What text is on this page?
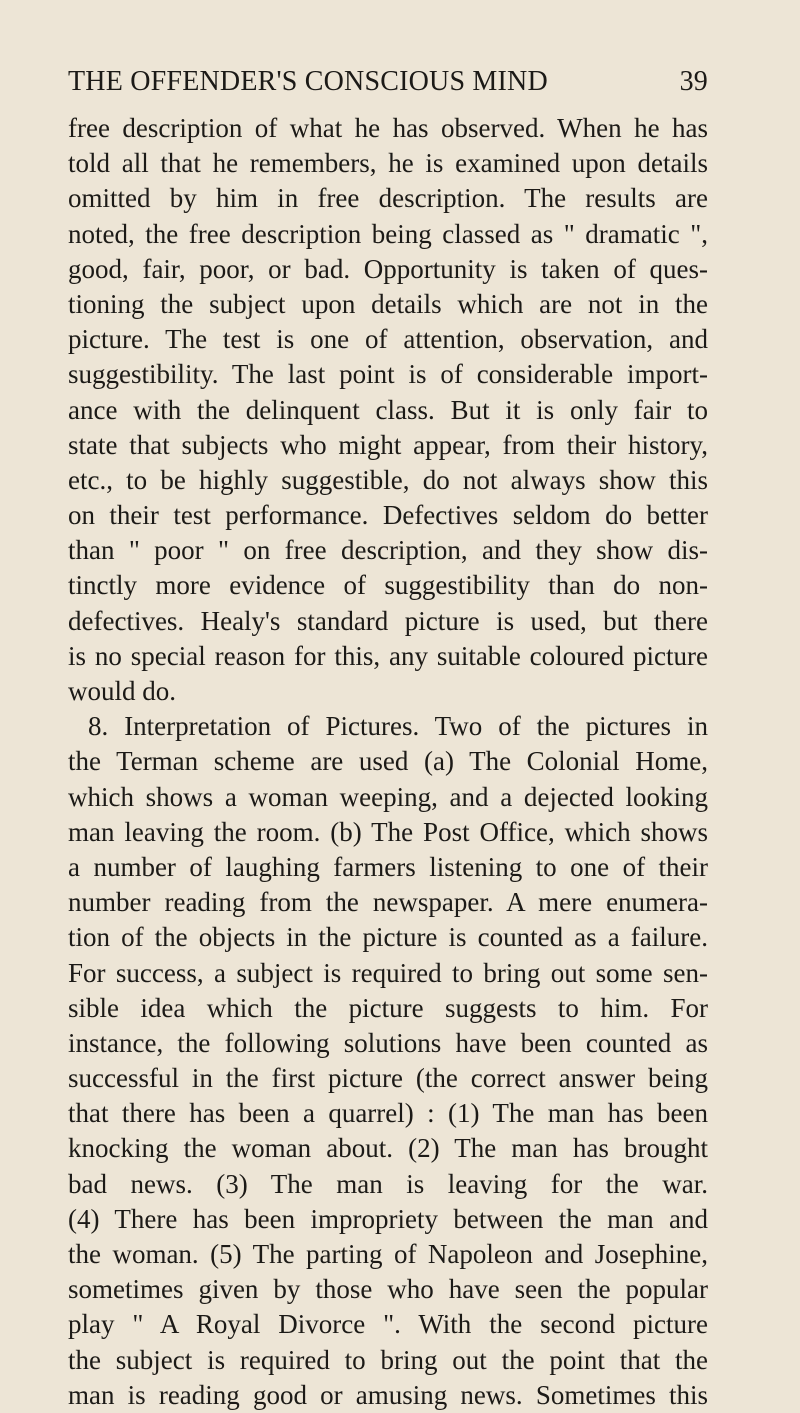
THE OFFENDER'S CONSCIOUS MIND	39
free description of what he has observed. When he has
told all that he remembers, he is examined upon details
omitted by him in free description. The results are
noted, the free description being classed as " dramatic ",
good, fair, poor, or bad. Opportunity is taken of ques-
tioning the subject upon details which are not in the
picture. The test is one of attention, observation, and
suggestibility. The last point is of considerable import-
ance with the delinquent class. But it is only fair to
state that subjects who might appear, from their history,
etc., to be highly suggestible, do not always show this
on their test performance. Defectives seldom do better
than " poor " on free description, and they show dis-
tinctly more evidence of suggestibility than do non-
defectives. Healy's standard picture is used, but there
is no special reason for this, any suitable coloured picture
would do.
8. Interpretation of Pictures. Two of the pictures in
the Terman scheme are used (a) The Colonial Home,
which shows a woman weeping, and a dejected looking
man leaving the room. (b) The Post Office, which shows
a number of laughing farmers listening to one of their
number reading from the newspaper. A mere enumera-
tion of the objects in the picture is counted as a failure.
For success, a subject is required to bring out some sen-
sible idea which the picture suggests to him. For
instance, the following solutions have been counted as
successful in the first picture (the correct answer being
that there has been a quarrel) : (1) The man has been
knocking the woman about. (2) The man has brought
bad news. (3) The man is leaving for the war.
(4) There has been impropriety between the man and
the woman. (5) The parting of Napoleon and Josephine,
sometimes given by those who have seen the popular
play " A Royal Divorce ". With the second picture
the subject is required to bring out the point that the
man is reading good or amusing news. Sometimes this
